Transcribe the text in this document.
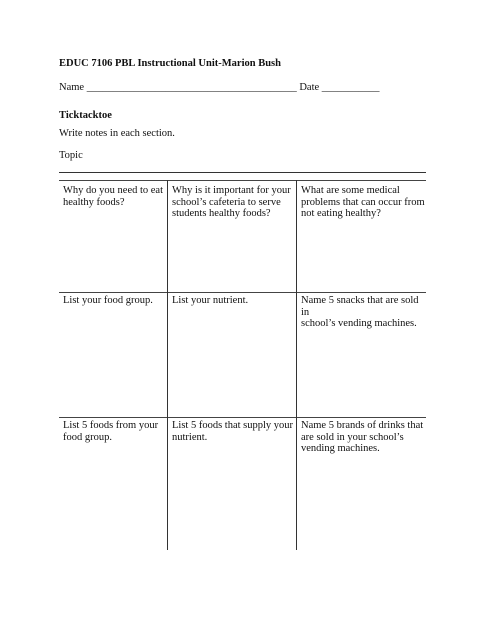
EDUC 7106 PBL Instructional Unit-Marion Bush
Name ________________________________________ Date ___________
Ticktacktoe
Write notes in each section.
Topic
Why do you need to eat
healthy foods?
Why is it important for your
school’s cafeteria to serve
students healthy foods?
What are some medical
problems that can occur from
not eating healthy?
List your food group. List your nutrient.	Name 5 snacks that are sold in
school’s vending machines.
List 5 foods from your
food group.
List 5 foods that supply your
nutrient.
Name 5 brands of drinks that
are sold in your school’s
vending machines.
